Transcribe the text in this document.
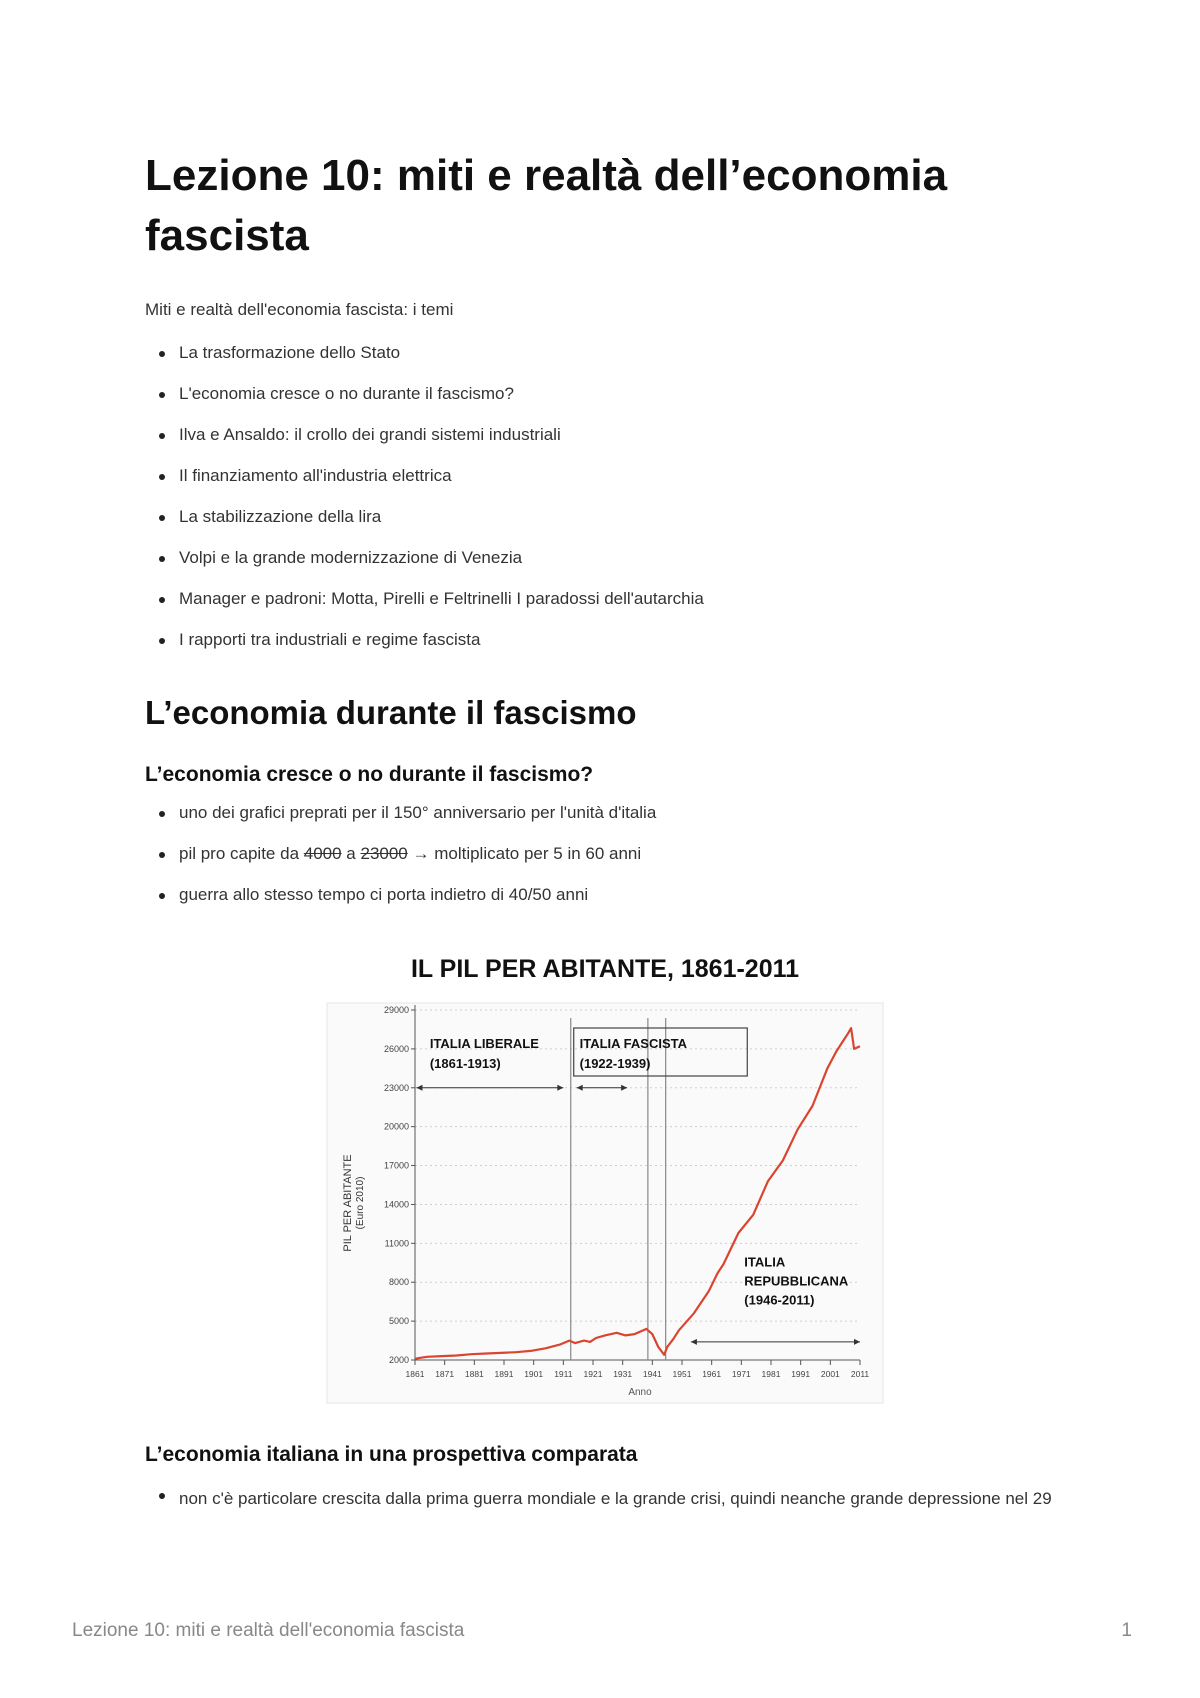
Lezione 10: miti e realtà dell’economia fascista
Miti e realtà dell'economia fascista: i temi
La trasformazione dello Stato
L'economia cresce o no durante il fascismo?
Ilva e Ansaldo: il crollo dei grandi sistemi industriali
Il finanziamento all'industria elettrica
La stabilizzazione della lira
Volpi e la grande modernizzazione di Venezia
Manager e padroni: Motta, Pirelli e Feltrinelli I paradossi dell'autarchia
I rapporti tra industriali e regime fascista
L’economia durante il fascismo
L’economia cresce o no durante il fascismo?
uno dei grafici preprati per il 150° anniversario per l'unità d'italia
pil pro capite da 4000 a 23000 → moltiplicato per 5 in 60 anni
guerra allo stesso tempo ci porta indietro di 40/50 anni
IL PIL PER ABITANTE, 1861-2011
2000
5000
8000
11000
14000
17000
20000
23000
26000
29000
1861 1871 1881 1891 1901 1911 1921 1931 1941 1951 1961 1971 1981 1991 2001 2011
ITALIA LIBERALE
(1861-1913)
ITALIA FASCISTA
(1922-1939)
ITALIA
REPUBBLICANA
(1946-2011)
PIL PER ABITANTE (Euro 2010)
Anno
L’economia italiana in una prospettiva comparata
non c'è particolare crescita dalla prima guerra mondiale e la grande crisi, quindi neanche grande depressione nel 29
Lezione 10: miti e realtà dell'economia fascista	1
